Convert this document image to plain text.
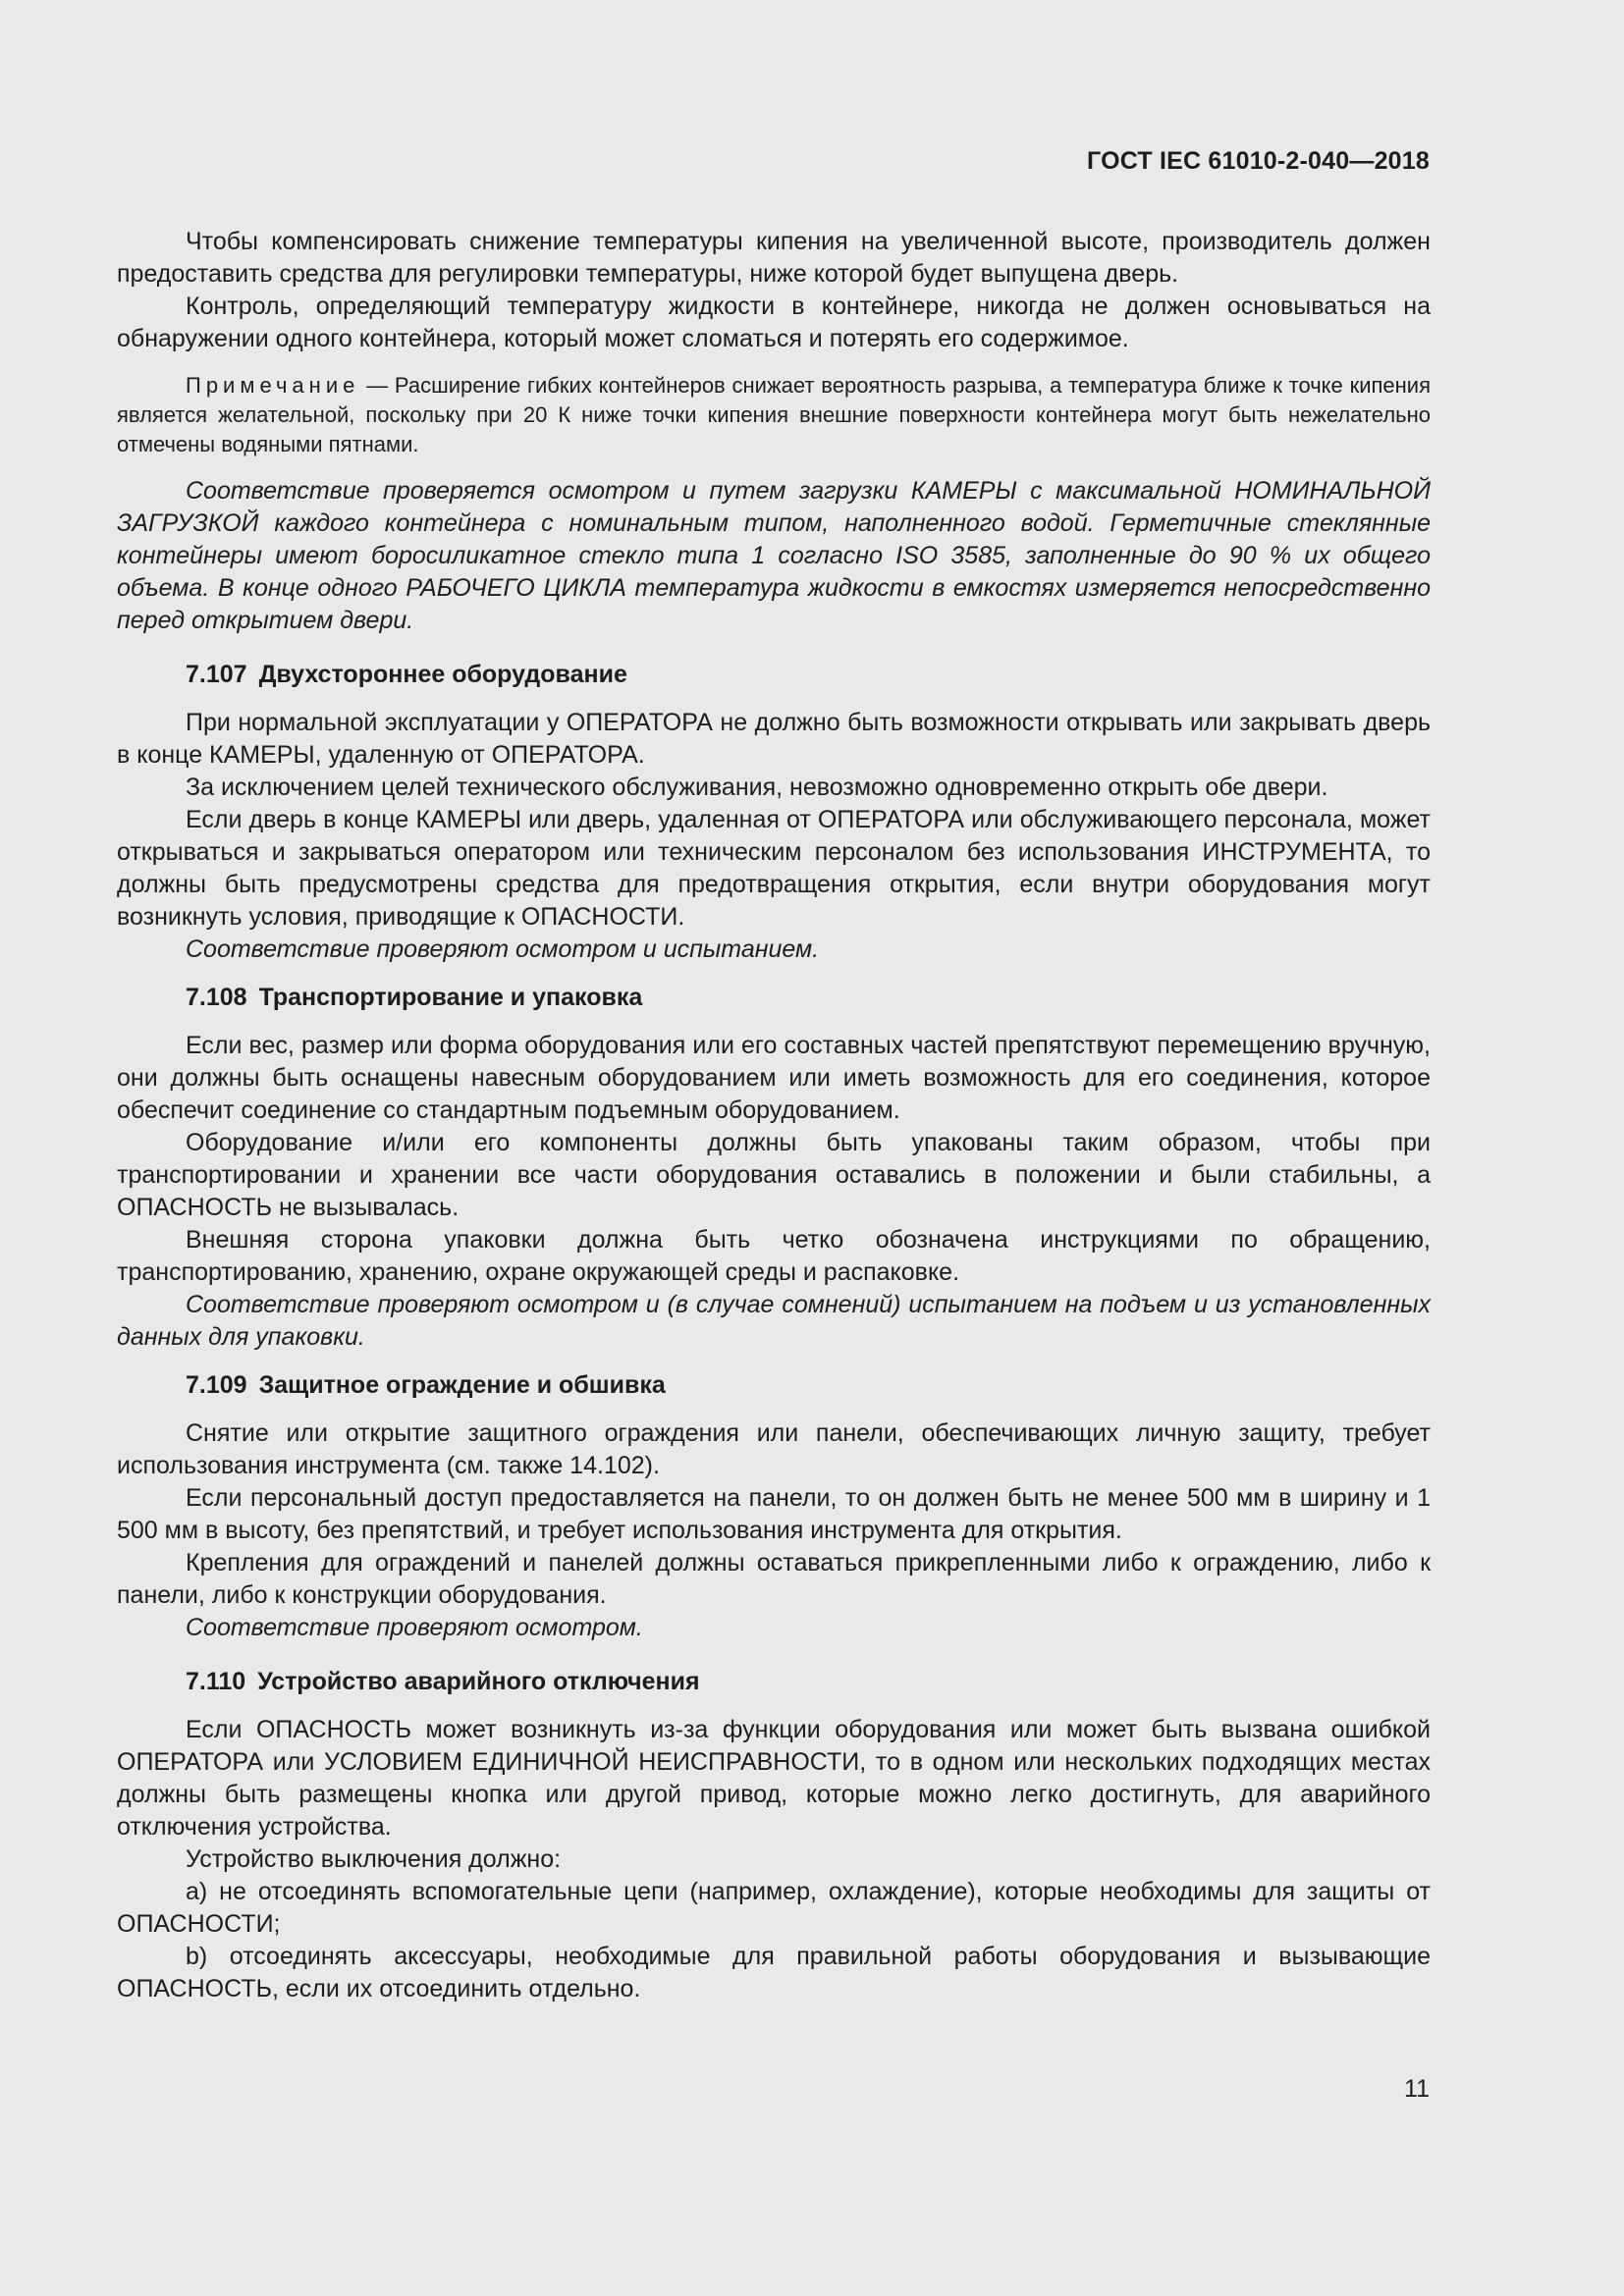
ГОСТ IEC 61010-2-040—2018

Чтобы компенсировать снижение температуры кипения на увеличенной высоте, производитель должен предоставить средства для регулировки температуры, ниже которой будет выпущена дверь.

Контроль, определяющий температуру жидкости в контейнере, никогда не должен основываться на обнаружении одного контейнера, который может сломаться и потерять его содержимое.

Примечание — Расширение гибких контейнеров снижает вероятность разрыва, а температура ближе к точке кипения является желательной, поскольку при 20 К ниже точки кипения внешние поверхности контейнера могут быть нежелательно отмечены водяными пятнами.

Соответствие проверяется осмотром и путем загрузки КАМЕРЫ с максимальной НОМИНАЛЬНОЙ ЗАГРУЗКОЙ каждого контейнера с номинальным типом, наполненного водой. Герметичные стеклянные контейнеры имеют боросиликатное стекло типа 1 согласно ISO 3585, заполненные до 90 % их общего объема. В конце одного РАБОЧЕГО ЦИКЛА температура жидкости в емкостях измеряется непосредственно перед открытием двери.

7.107 Двухстороннее оборудование

При нормальной эксплуатации у ОПЕРАТОРА не должно быть возможности открывать или закрывать дверь в конце КАМЕРЫ, удаленную от ОПЕРАТОРА.

За исключением целей технического обслуживания, невозможно одновременно открыть обе двери.

Если дверь в конце КАМЕРЫ или дверь, удаленная от ОПЕРАТОРА или обслуживающего персонала, может открываться и закрываться оператором или техническим персоналом без использования ИНСТРУМЕНТА, то должны быть предусмотрены средства для предотвращения открытия, если внутри оборудования могут возникнуть условия, приводящие к ОПАСНОСТИ.

Соответствие проверяют осмотром и испытанием.

7.108 Транспортирование и упаковка

Если вес, размер или форма оборудования или его составных частей препятствуют перемещению вручную, они должны быть оснащены навесным оборудованием или иметь возможность для его соединения, которое обеспечит соединение со стандартным подъемным оборудованием.

Оборудование и/или его компоненты должны быть упакованы таким образом, чтобы при транспортировании и хранении все части оборудования оставались в положении и были стабильны, а ОПАСНОСТЬ не вызывалась.

Внешняя сторона упаковки должна быть четко обозначена инструкциями по обращению, транспортированию, хранению, охране окружающей среды и распаковке.

Соответствие проверяют осмотром и (в случае сомнений) испытанием на подъем и из установленных данных для упаковки.

7.109 Защитное ограждение и обшивка

Снятие или открытие защитного ограждения или панели, обеспечивающих личную защиту, требует использования инструмента (см. также 14.102).

Если персональный доступ предоставляется на панели, то он должен быть не менее 500 мм в ширину и 1 500 мм в высоту, без препятствий, и требует использования инструмента для открытия.

Крепления для ограждений и панелей должны оставаться прикрепленными либо к ограждению, либо к панели, либо к конструкции оборудования.

Соответствие проверяют осмотром.

7.110 Устройство аварийного отключения

Если ОПАСНОСТЬ может возникнуть из-за функции оборудования или может быть вызвана ошибкой ОПЕРАТОРА или УСЛОВИЕМ ЕДИНИЧНОЙ НЕИСПРАВНОСТИ, то в одном или нескольких подходящих местах должны быть размещены кнопка или другой привод, которые можно легко достигнуть, для аварийного отключения устройства.

Устройство выключения должно:

a) не отсоединять вспомогательные цепи (например, охлаждение), которые необходимы для защиты от ОПАСНОСТИ;

b) отсоединять аксессуары, необходимые для правильной работы оборудования и вызывающие ОПАСНОСТЬ, если их отсоединить отдельно.

11
